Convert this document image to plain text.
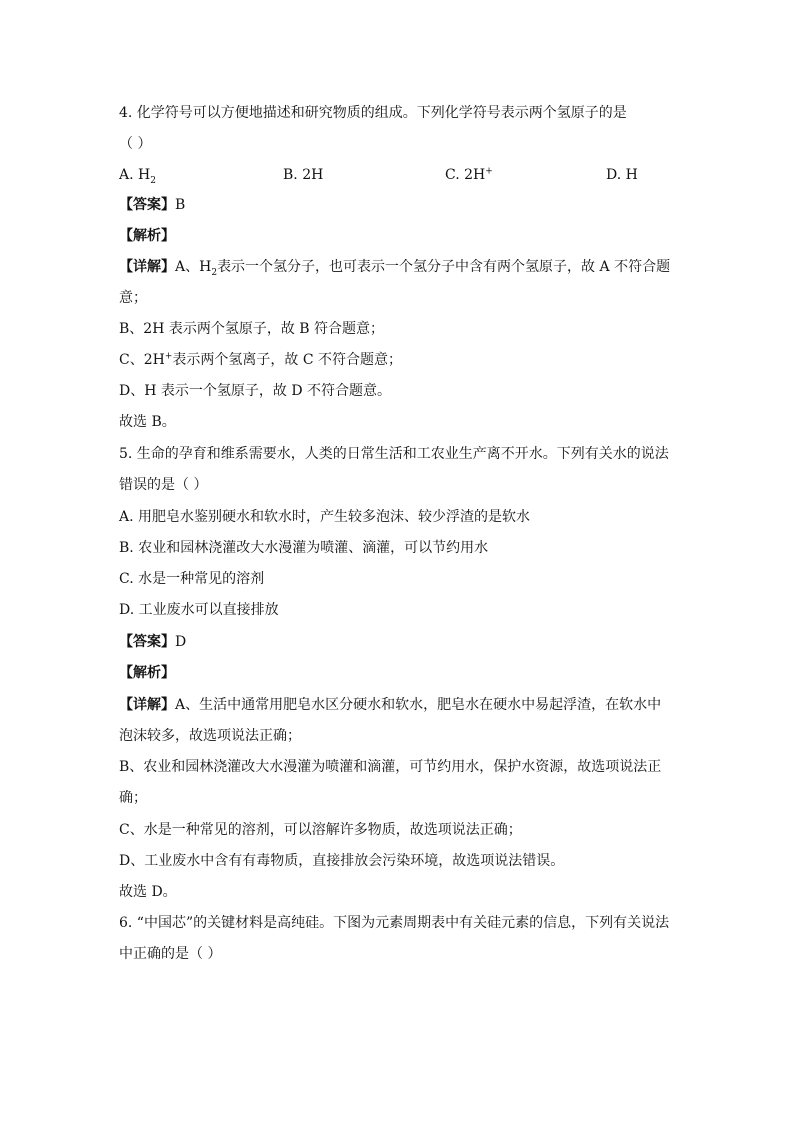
4. 化学符号可以方便地描述和研究物质的组成。下列化学符号表示两个氢原子的是

（ ）

A. $H_2$	B. 2H	C. 2H+	D. H

【答案】B

【解析】

【详解】A、$H_2$表示一个氢分子，也可表示一个氢分子中含有两个氢原子，故 A 不符合题

意；

B、2H 表示两个氢原子，故 B 符合题意；

C、2H+表示两个氢离子，故 C 不符合题意；

D、H 表示一个氢原子，故 D 不符合题意。

故选 B。

5. 生命的孕育和维系需要水，人类的日常生活和工农业生产离不开水。下列有关水的说法

错误的是（ ）

A. 用肥皂水鉴别硬水和软水时，产生较多泡沫、较少浮渣的是软水

B. 农业和园林浇灌改大水漫灌为喷灌、滴灌，可以节约用水

C. 水是一种常见的溶剂

D. 工业废水可以直接排放

【答案】D

【解析】

【详解】A、生活中通常用肥皂水区分硬水和软水，肥皂水在硬水中易起浮渣，在软水中

泡沫较多，故选项说法正确；

B、农业和园林浇灌改大水漫灌为喷灌和滴灌，可节约用水，保护水资源，故选项说法正

确；

C、水是一种常见的溶剂，可以溶解许多物质，故选项说法正确；

D、工业废水中含有有毒物质，直接排放会污染环境，故选项说法错误。

故选 D。

6. “中国芯”的关键材料是高纯硅。下图为元素周期表中有关硅元素的信息，下列有关说法

中正确的是（ ）
